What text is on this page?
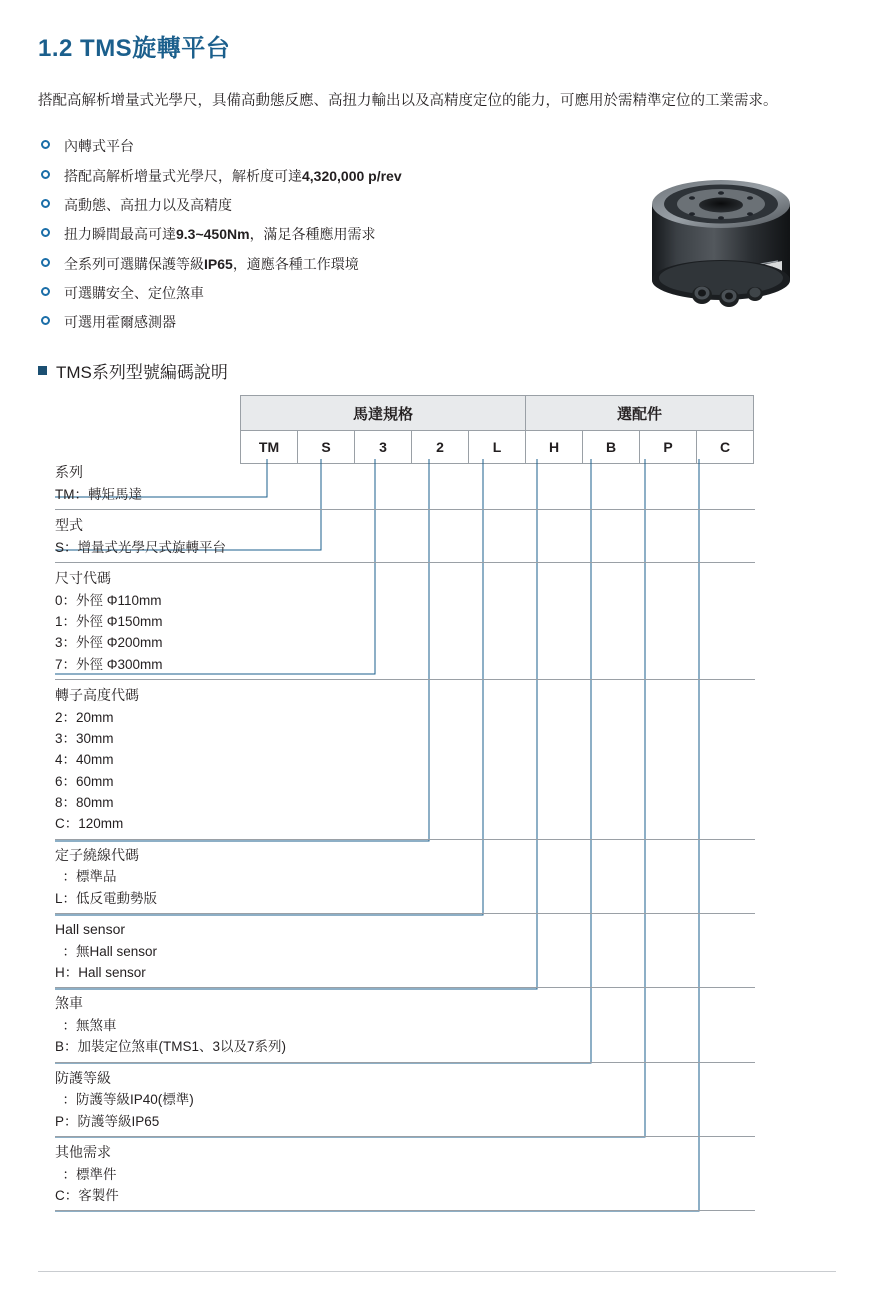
1.2 TMS旋轉平台

搭配高解析增量式光學尺，具備高動態反應、高扭力輸出以及高精度定位的能力，可應用於需精準定位的工業需求。

內轉式平台
搭配高解析增量式光學尺，解析度可達4,320,000 p/rev
高動態、高扭力以及高精度
扭力瞬間最高可達9.3~450Nm，滿足各種應用需求
全系列可選購保護等級IP65，適應各種工作環境
可選購安全、定位煞車
可選用霍爾感測器
TMS系列型號編碼說明
馬達規格					選配件			
TM	S	3	2	L	H	B	P	C
系列
TM：轉矩馬達
型式
S：增量式光學尺式旋轉平台
尺寸代碼
0：外徑 Φ110mm
1：外徑 Φ150mm
3：外徑 Φ200mm
7：外徑 Φ300mm
轉子高度代碼
2：20mm
3：30mm
4：40mm
6：60mm
8：80mm
C：120mm
定子繞線代碼
：標準品
L：低反電動勢版
Hall sensor
：無Hall sensor
H：Hall sensor
煞車
：無煞車
B：加裝定位煞車(TMS1、3以及7系列)
防護等級
：防護等級IP40(標準)
P：防護等級IP65
其他需求
：標準件
C：客製件
